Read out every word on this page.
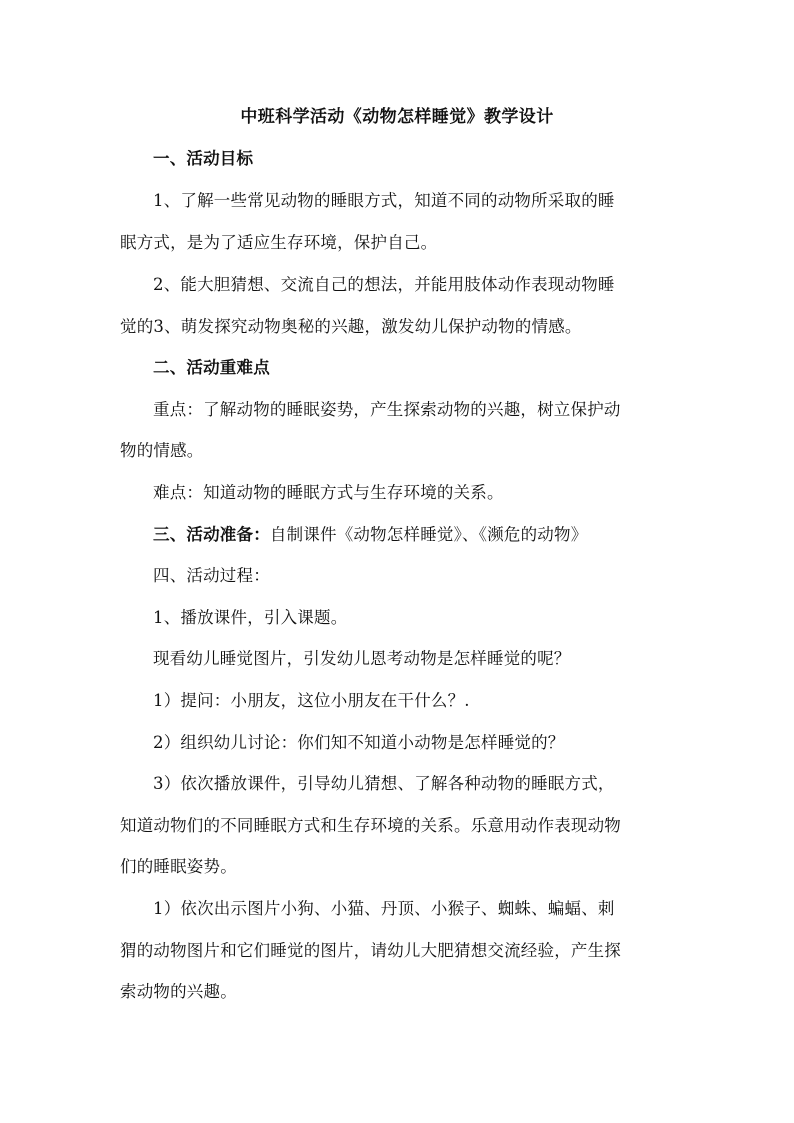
中班科学活动《动物怎样睡觉》教学设计
一、活动目标
1、了解一些常见动物的睡眼方式，知道不同的动物所采取的睡
眠方式，是为了适应生存环境，保护自己。
2、能大胆猜想、交流自己的想法，并能用肢体动作表现动物睡
觉的3、萌发探究动物奥秘的兴趣，激发幼儿保护动物的情感。
二、活动重难点
重点：了解动物的睡眠姿势，产生探索动物的兴趣，树立保护动
物的情感。
难点：知道动物的睡眠方式与生存环境的关系。
三、活动准备：自制课件《动物怎样睡觉》、《濒危的动物》
四、活动过程：
1、播放课件，引入课题。
现看幼儿睡觉图片，引发幼儿恩考动物是怎样睡觉的呢？
1）提问：小朋友，这位小朋友在干什么？.
2）组织幼儿讨论：你们知不知道小动物是怎样睡觉的？
3）依次播放课件，引导幼儿猜想、了解各种动物的睡眠方式，
知道动物们的不同睡眠方式和生存环境的关系。乐意用动作表现动物
们的睡眠姿势。
1）依次出示图片小狗、小猫、丹顶、小猴子、蜘蛛、蝙蝠、刺
猬的动物图片和它们睡觉的图片，请幼儿大肥猜想交流经验，产生探
索动物的兴趣。
